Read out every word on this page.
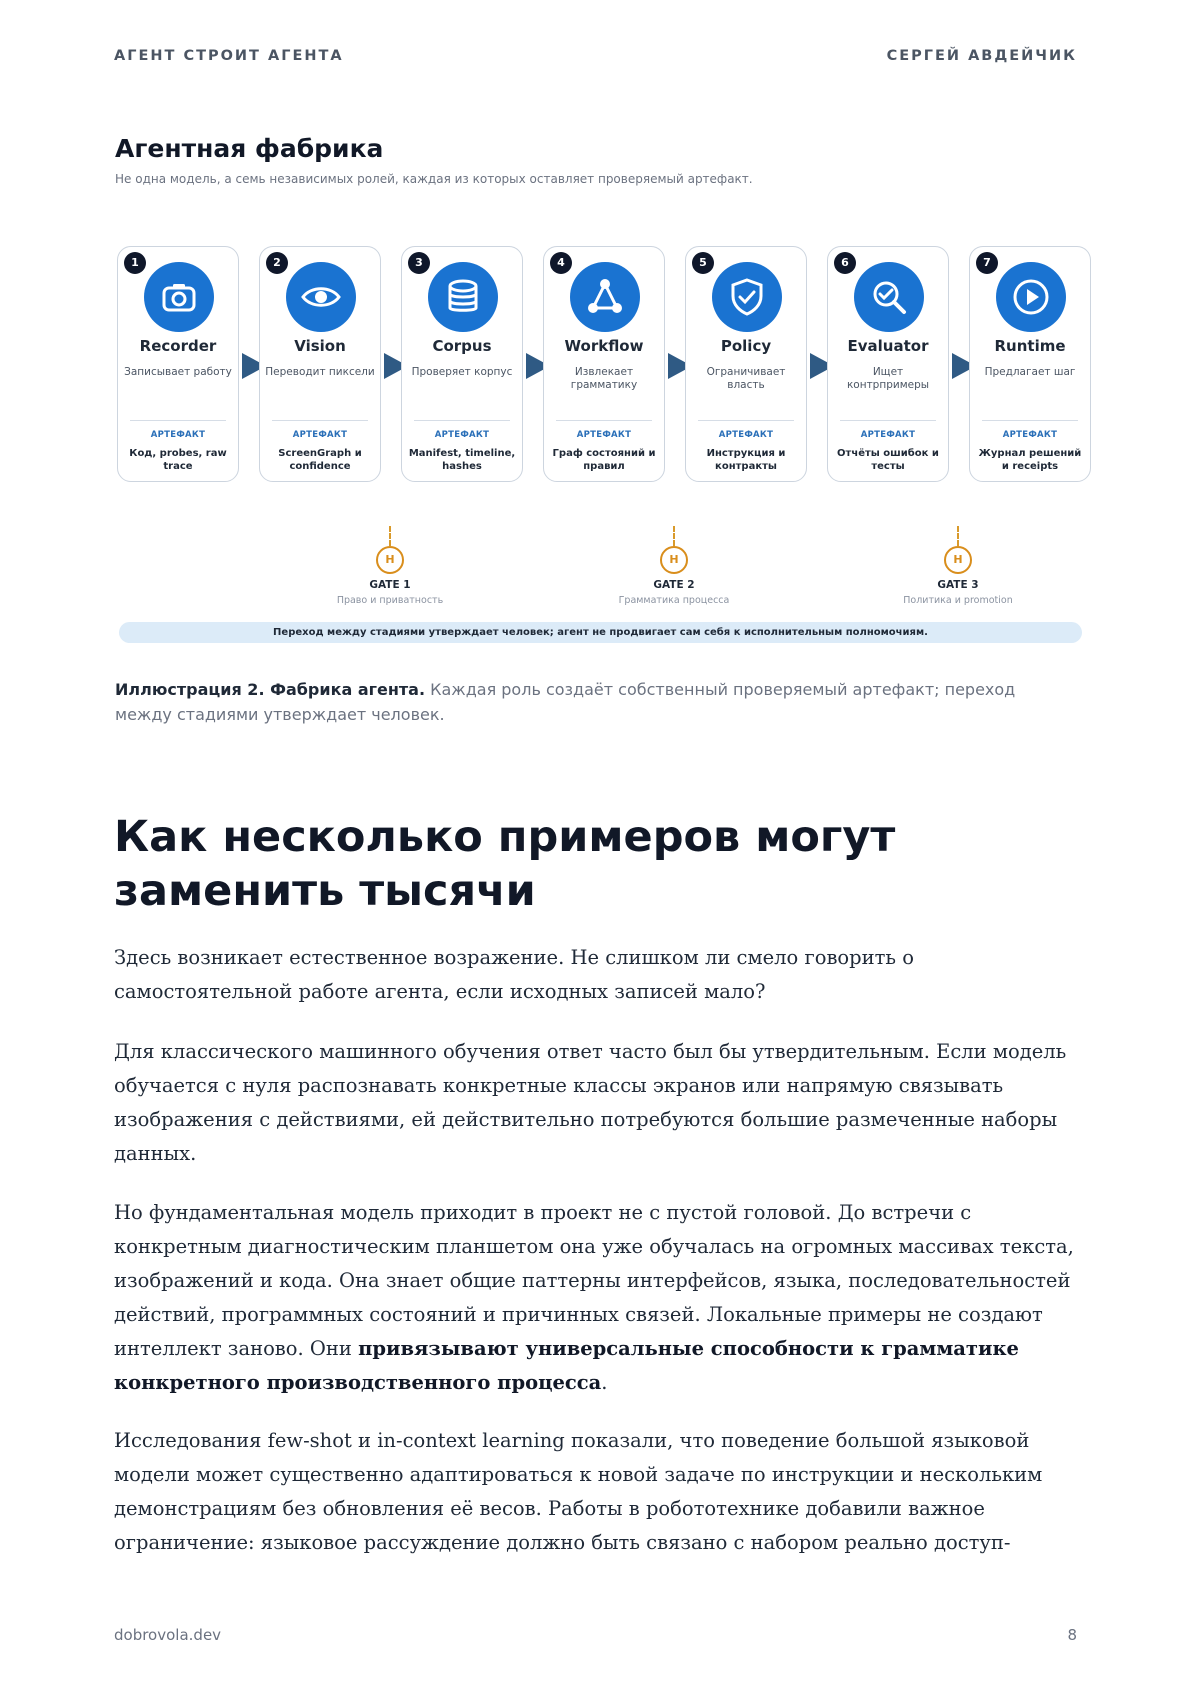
АГЕНТ СТРОИТ АГЕНТА	СЕРГЕЙ АВДЕЙЧИК
Агентная фабрика
Не одна модель, а семь независимых ролей, каждая из которых оставляет проверяемый артефакт.
1
Recorder
Записывает работу
АРТЕФАКТ
Код, probes, raw trace
2
Vision
Переводит пиксели
АРТЕФАКТ
ScreenGraph и confidence
3
Corpus
Проверяет корпус
АРТЕФАКТ
Manifest, timeline, hashes
4
Workflow
Извлекает грамматику
АРТЕФАКТ
Граф состояний и правил
5
Policy
Ограничивает власть
АРТЕФАКТ
Инструкция и контракты
6
Evaluator
Ищет контрпримеры
АРТЕФАКТ
Отчёты ошибок и тесты
7
Runtime
Предлагает шаг
АРТЕФАКТ
Журнал решений и receipts
H
GATE 1
Право и приватность
H
GATE 2
Грамматика процесса
H
GATE 3
Политика и promotion
Переход между стадиями утверждает человек; агент не продвигает сам себя к исполнительным полномочиям.
Иллюстрация 2. Фабрика агента. Каждая роль создаёт собственный проверяемый артефакт; переход между стадиями утверждает человек.
Как несколько примеров могут заменить тысячи

Здесь возникает естественное возражение. Не слишком ли смело говорить о самостоятельной работе агента, если исходных записей мало?

Для классического машинного обучения ответ часто был бы утвердительным. Если модель обучается с нуля распознавать конкретные классы экранов или напрямую связывать изображения с действиями, ей действительно потребуются большие размеченные наборы данных.

Но фундаментальная модель приходит в проект не с пустой головой. До встречи с конкретным диагностическим планшетом она уже обучалась на огромных массивах текста, изображений и кода. Она знает общие паттерны интерфейсов, языка, последовательностей действий, программных состояний и причинных связей. Локальные примеры не создают интеллект заново. Они привязывают универсальные способности к грамматике конкретного производственного процесса.

Исследования few-shot и in-context learning показали, что поведение большой языковой модели может существенно адаптироваться к новой задаче по инструкции и нескольким демонстрациям без обновления её весов. Работы в робототехнике добавили важное ограничение: языковое рассуждение должно быть связано с набором реально доступ-

dobrovola.dev	8
